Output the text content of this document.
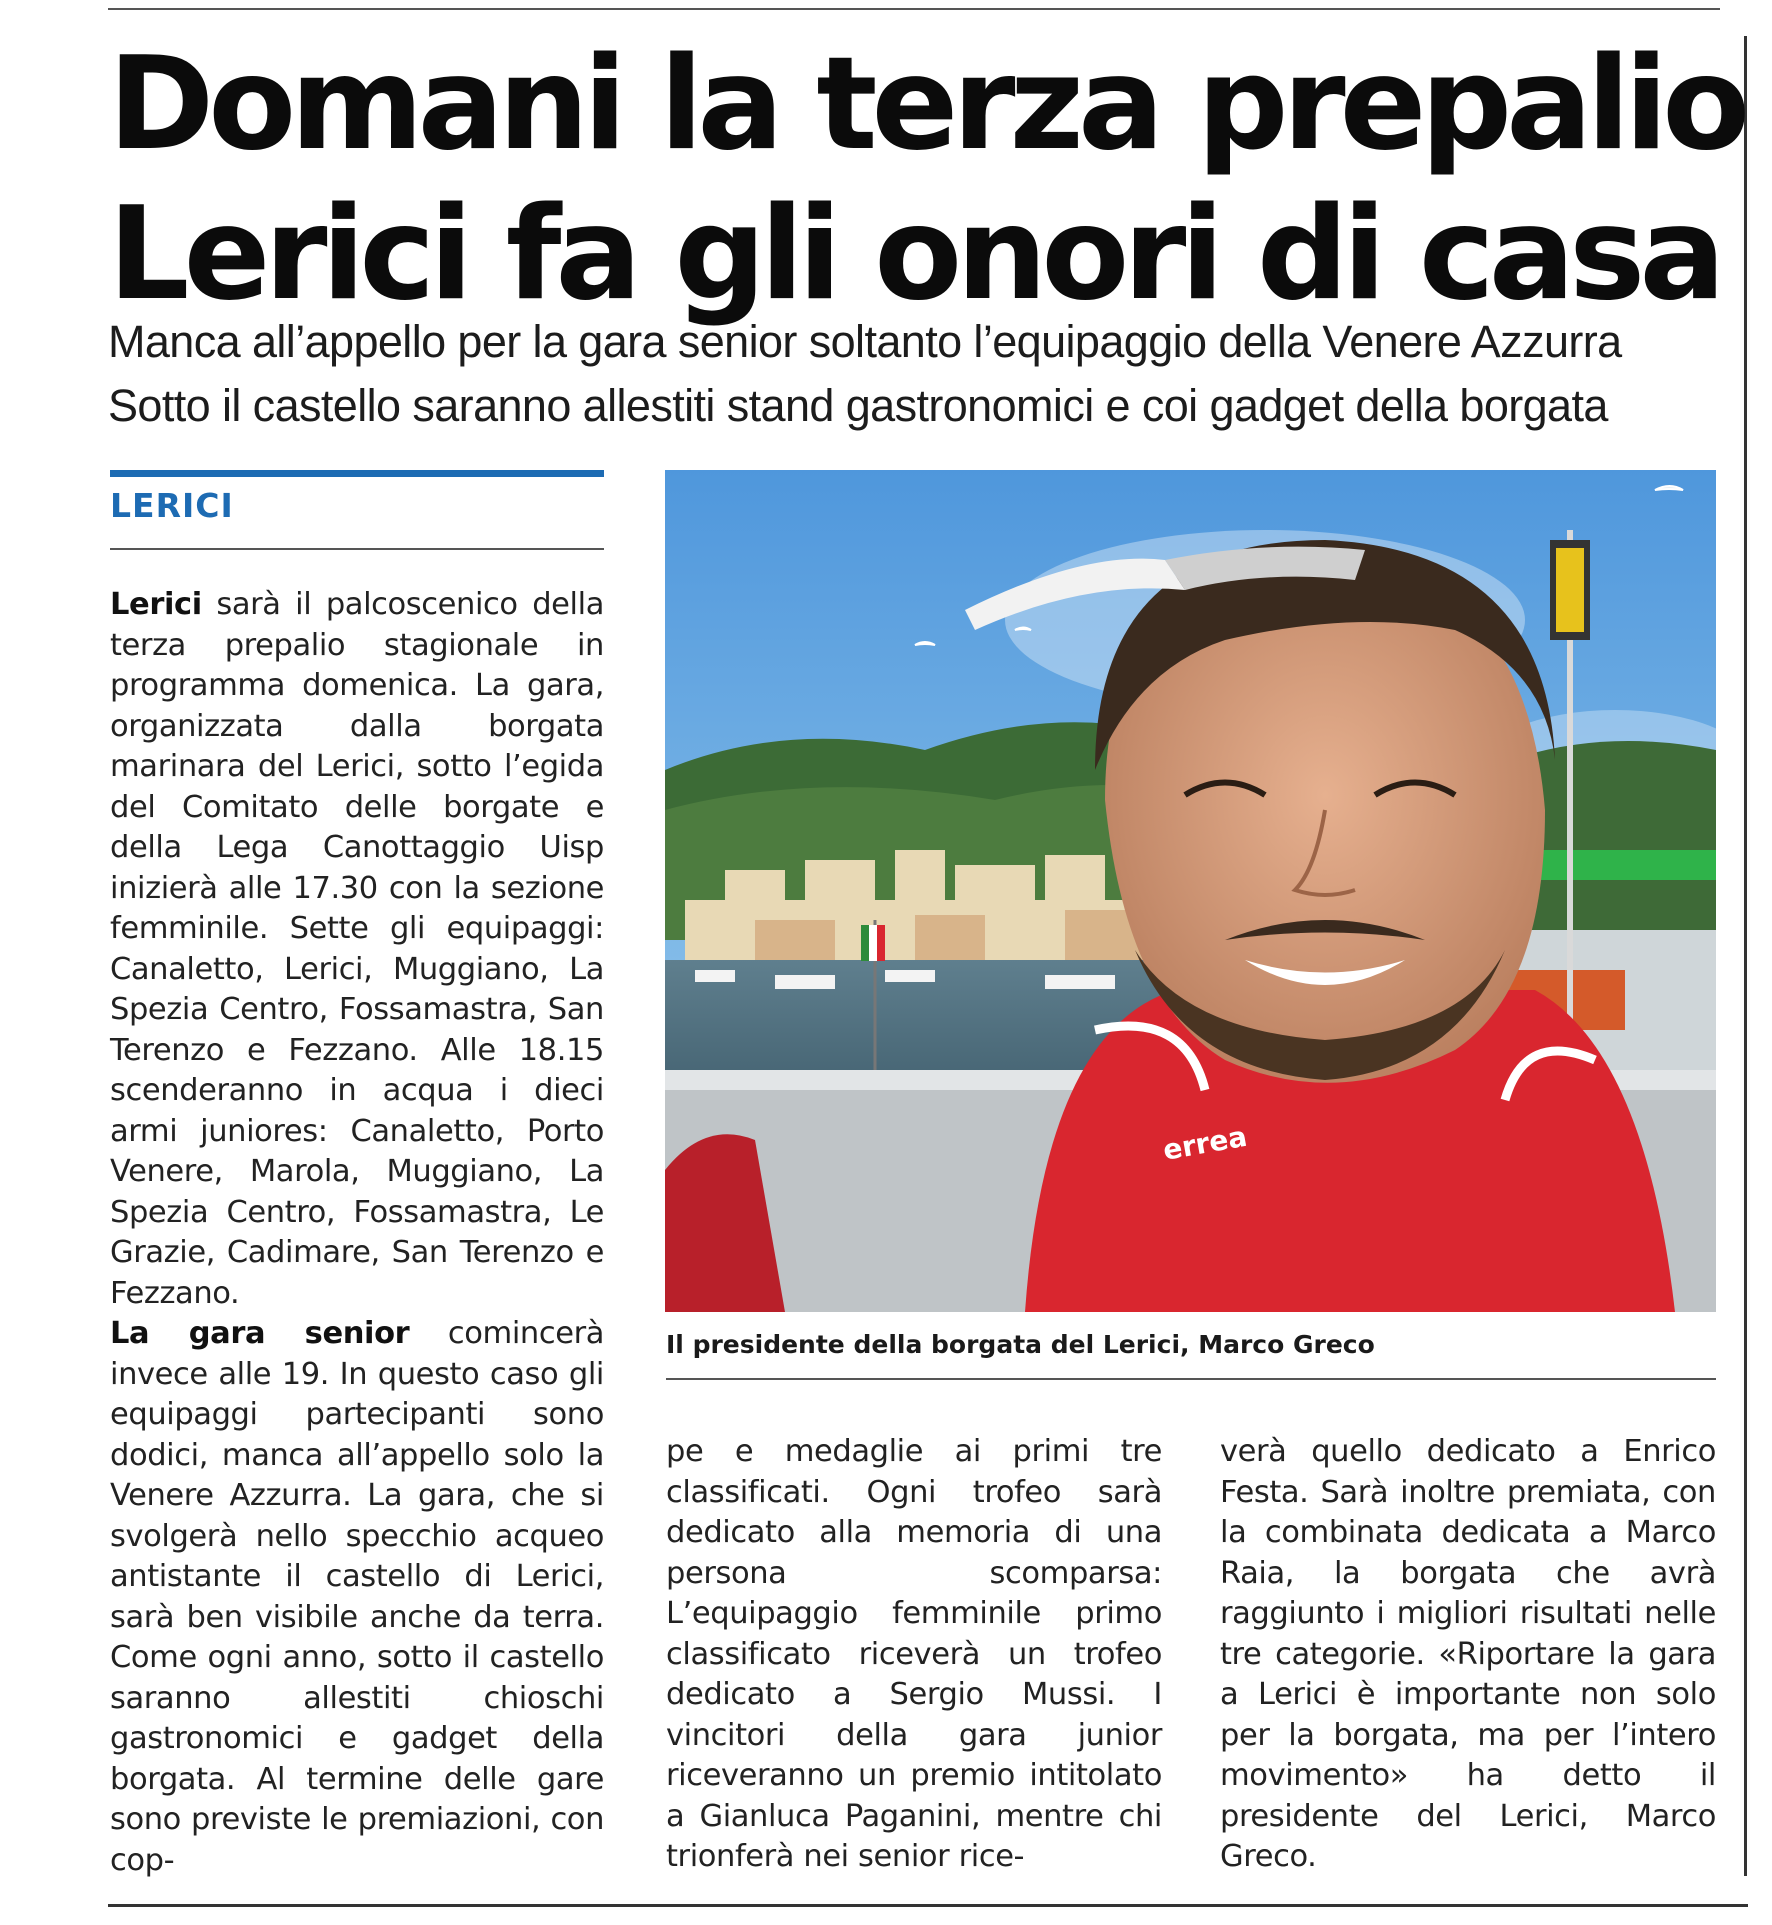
Domani la terza prepalio
Lerici fa gli onori di casa
Manca all’appello per la gara senior soltanto l’equipaggio della Venere Azzurra
Sotto il castello saranno allestiti stand gastronomici e coi gadget della borgata
LERICI

Lerici sarà il palcoscenico della terza prepalio stagionale in programma domenica. La gara, organizzata dalla borgata marinara del Lerici, sotto l’egida del Comitato delle borgate e della Lega Canottaggio Uisp inizierà alle 17.30 con la sezione femminile. Sette gli equipaggi: Canaletto, Lerici, Muggiano, La Spezia Centro, Fossamastra, San Terenzo e Fezzano. Alle 18.15 scenderanno in acqua i dieci armi juniores: Canaletto, Porto Venere, Marola, Muggiano, La Spezia Centro, Fossamastra, Le Grazie, Cadimare, San Terenzo e Fezzano.

La gara senior comincerà invece alle 19. In questo caso gli equipaggi partecipanti sono dodici, manca all’appello solo la Venere Azzurra. La gara, che si svolgerà nello specchio acqueo antistante il castello di Lerici, sarà ben visibile anche da terra. Come ogni anno, sotto il castello saranno allestiti chioschi gastronomici e gadget della borgata. Al termine delle gare sono previste le premiazioni, con cop-

errea
Il presidente della borgata del Lerici, Marco Greco

pe e medaglie ai primi tre classificati. Ogni trofeo sarà dedicato alla memoria di una persona scomparsa: L’equipaggio femminile primo classificato riceverà un trofeo dedicato a Sergio Mussi. I vincitori della gara junior riceveranno un premio intitolato a Gianluca Paganini, mentre chi trionferà nei senior rice-

verà quello dedicato a Enrico Festa. Sarà inoltre premiata, con la combinata dedicata a Marco Raia, la borgata che avrà raggiunto i migliori risultati nelle tre categorie. «Riportare la gara a Lerici è importante non solo per la borgata, ma per l’intero movimento» ha detto il presidente del Lerici, Marco Greco.
